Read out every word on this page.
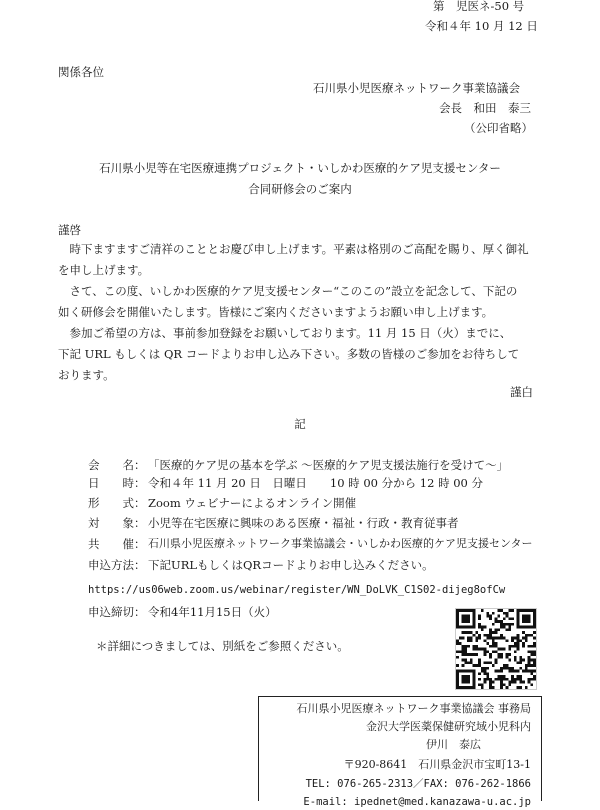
第　児医ネ-50 号
令和４年 10 月 12 日
関係各位
石川県小児医療ネットワーク事業協議会
会長　和田　泰三
（公印省略）
石川県小児等在宅医療連携プロジェクト・いしかわ医療的ケア児支援センター
合同研修会のご案内
謹啓
　時下ますますご清祥のこととお慶び申し上げます。平素は格別のご高配を賜り、厚く御礼
を申し上げます。
　さて、この度、いしかわ医療的ケア児支援センター“このこの”設立を記念して、下記の
如く研修会を開催いたします。皆様にご案内くださいますようお願い申し上げます。
　参加ご希望の方は、事前参加登録をお願いしております。11 月 15 日（火）までに、
下記 URL もしくは QR コードよりお申し込み下さい。多数の皆様のご参加をお待ちして
おります。
謹白
記
会　　名： 「医療的ケア児の基本を学ぶ ～医療的ケア児支援法施行を受けて～」
日　　時： 令和４年 11 月 20 日　日曜日　　10 時 00 分から 12 時 00 分
形　　式： Zoom ウェビナーによるオンライン開催
対　　象： 小児等在宅医療に興味のある医療・福祉・行政・教育従事者
共　　催： 石川県小児医療ネットワーク事業協議会・いしかわ医療的ケア児支援センター
申込方法： 下記URLもしくはQRコードよりお申し込みください。
https://us06web.zoom.us/webinar/register/WN_DoLVK_C1S02-dijeg8ofCw
申込締切： 令和4年11月15日（火）
＊詳細につきましては、別紙をご参照ください。
石川県小児医療ネットワーク事業協議会 事務局
金沢大学医薬保健研究域小児科内
伊川　泰広
〒920-8641　石川県金沢市宝町13-1
TEL: 076-265-2313／FAX: 076-262-1866
E-mail: ipednet@med.kanazawa-u.ac.jp
